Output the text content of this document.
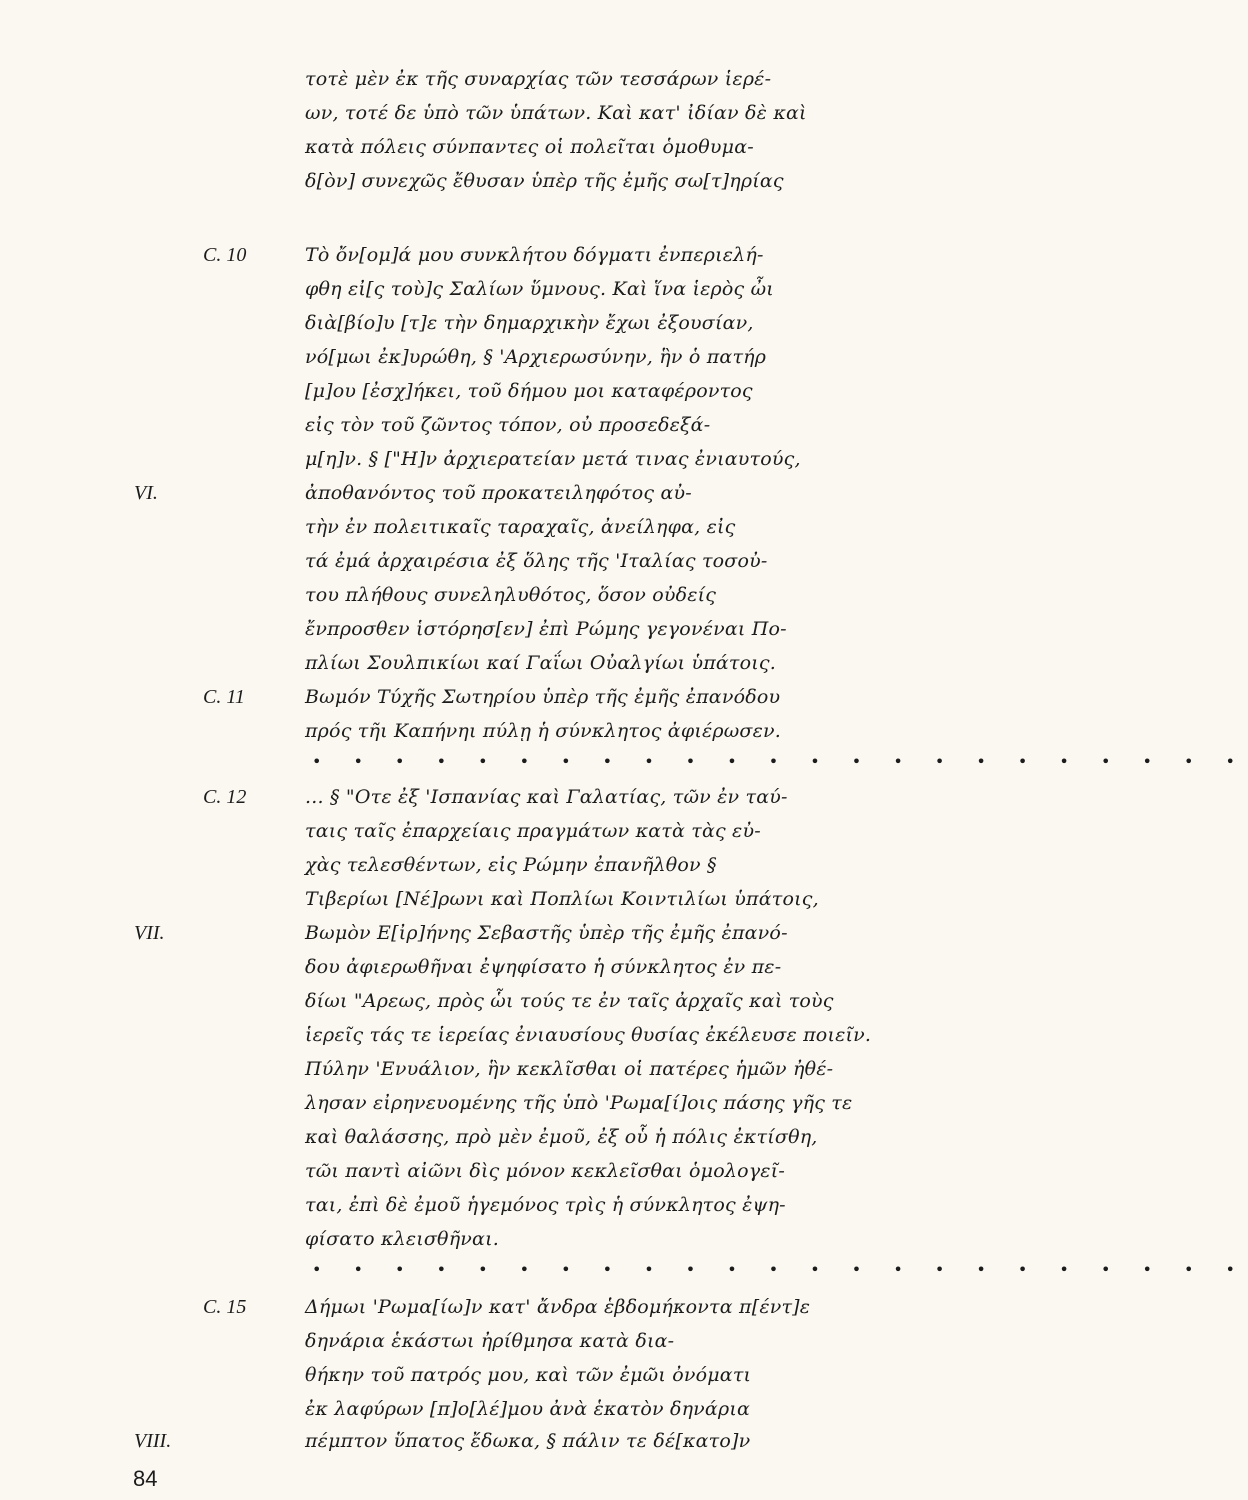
τοτὲ μὲν ἐκ τῆς συναρχίας τῶν τεσσάρων ἱερέ-
ων, τοτέ δε ὑπὸ τῶν ὑπάτων. Καὶ κατ' ἰδίαν δὲ καὶ
κατὰ πόλεις σύνπαντες οἱ πολεῖται ὁμοθυμα-
δ[ὸν] συνεχῶς ἔθυσαν ὑπὲρ τῆς ἐμῆς σω[τ]ηρίας
C. 10	Τὸ ὄν[ομ]ά μου συνκλήτου δόγματι ἐνπεριελή-
φθη εἰ[ς τοὺ]ς Σαλίων ὕμνους. Καὶ ἵνα ἱερὸς ὦι
διὰ[βίο]υ [τ]ε τὴν δημαρχικὴν ἔχωι ἐξουσίαν,
νό[μωι ἐκ]υρώθη, § 'Αρχιερωσύνην, ἣν ὁ πατήρ
[μ]ου [ἐσχ]ήκει, τοῦ δήμου μοι καταφέροντος
εἰς τὸν τοῦ ζῶντος τόπον, οὐ προσεδεξά-
μ[η]ν. § ["Η]ν ἀρχιερατείαν μετά τινας ἐνιαυτούς,
VI.	ἀποθανόντος τοῦ προκατειληφότος αὐ-
τὴν ἐν πολειτικαῖς ταραχαῖς, ἀνείληφα, εἰς
τά ἐμά ἀρχαιρέσια ἐξ ὅλης τῆς 'Ιταλίας τοσοὐ-
του πλήθους συνεληλυθότος, ὅσον οὐδείς
ἔνπροσθεν ἱστόρησ[εν] ἐπὶ Ρώμης γεγονέναι Πο-
πλίωι Σουλπικίωι καί Γαΐωι Οὐαλγίωι ὑπάτοις.
C. 11	Βωμόν Τύχῆς Σωτηρίου ὑπὲρ τῆς ἐμῆς ἐπανόδου
πρός τῆι Καπήνηι πύλῃ ἡ σύνκλητος ἀφιέρωσεν.
• • • • • • • • • • • • • • • • • • • • • • •
C. 12	... § "Οτε ἐξ 'Ισπανίας καὶ Γαλατίας, τῶν ἐν ταύ-
ταις ταῖς ἐπαρχείαις πραγμάτων κατὰ τὰς εὐ-
χὰς τελεσθέντων, εἰς Ρώμην ἐπανῆλθον §
Τιβερίωι [Νέ]ρωνι καὶ Ποπλίωι Κοιντιλίωι ὑπάτοις,
VII.	Βωμὸν Ε[ἰρ]ήνης Σεβαστῆς ὑπὲρ τῆς ἐμῆς ἐπανό-
δου ἀφιερωθῆναι ἐψηφίσατο ἡ σύνκλητος ἐν πε-
δίωι "Αρεως, πρὸς ὧι τούς τε ἐν ταῖς ἀρχαῖς καὶ τοὺς
ἱερεῖς τάς τε ἱερείας ἐνιαυσίους θυσίας ἐκέλευσε ποιεῖν.
Πύλην 'Ενυάλιον, ἣν κεκλῖσθαι οἱ πατέρες ἡμῶν ἠθέ-
λησαν εἰρηνευομένης τῆς ὑπὸ 'Ρωμα[ί]οις πάσης γῆς τε
καὶ θαλάσσης, πρὸ μὲν ἐμοῦ, ἐξ οὗ ἡ πόλις ἐκτίσθη,
τῶι παντὶ αἰῶνι δὶς μόνον κεκλεῖσθαι ὁμολογεῖ-
ται, ἐπὶ δὲ ἐμοῦ ἡγεμόνος τρὶς ἡ σύνκλητος ἐψη-
φίσατο κλεισθῆναι.
• • • • • • • • • • • • • • • • • • • • • • •
C. 15	Δήμωι 'Ρωμα[ίω]ν κατ' ἄνδρα ἑβδομήκοντα π[έντ]ε
δηνάρια ἑκάστωι ἠρίθμησα κατὰ δια-
θήκην τοῦ πατρός μου, καὶ τῶν ἐμῶι ὀνόματι
ἐκ λαφύρων [π]ο[λέ]μου ἀνὰ ἑκατὸν δηνάρια
VIII.	πέμπτον ὕπατος ἔδωκα, § πάλιν τε δέ[κατο]ν
84
